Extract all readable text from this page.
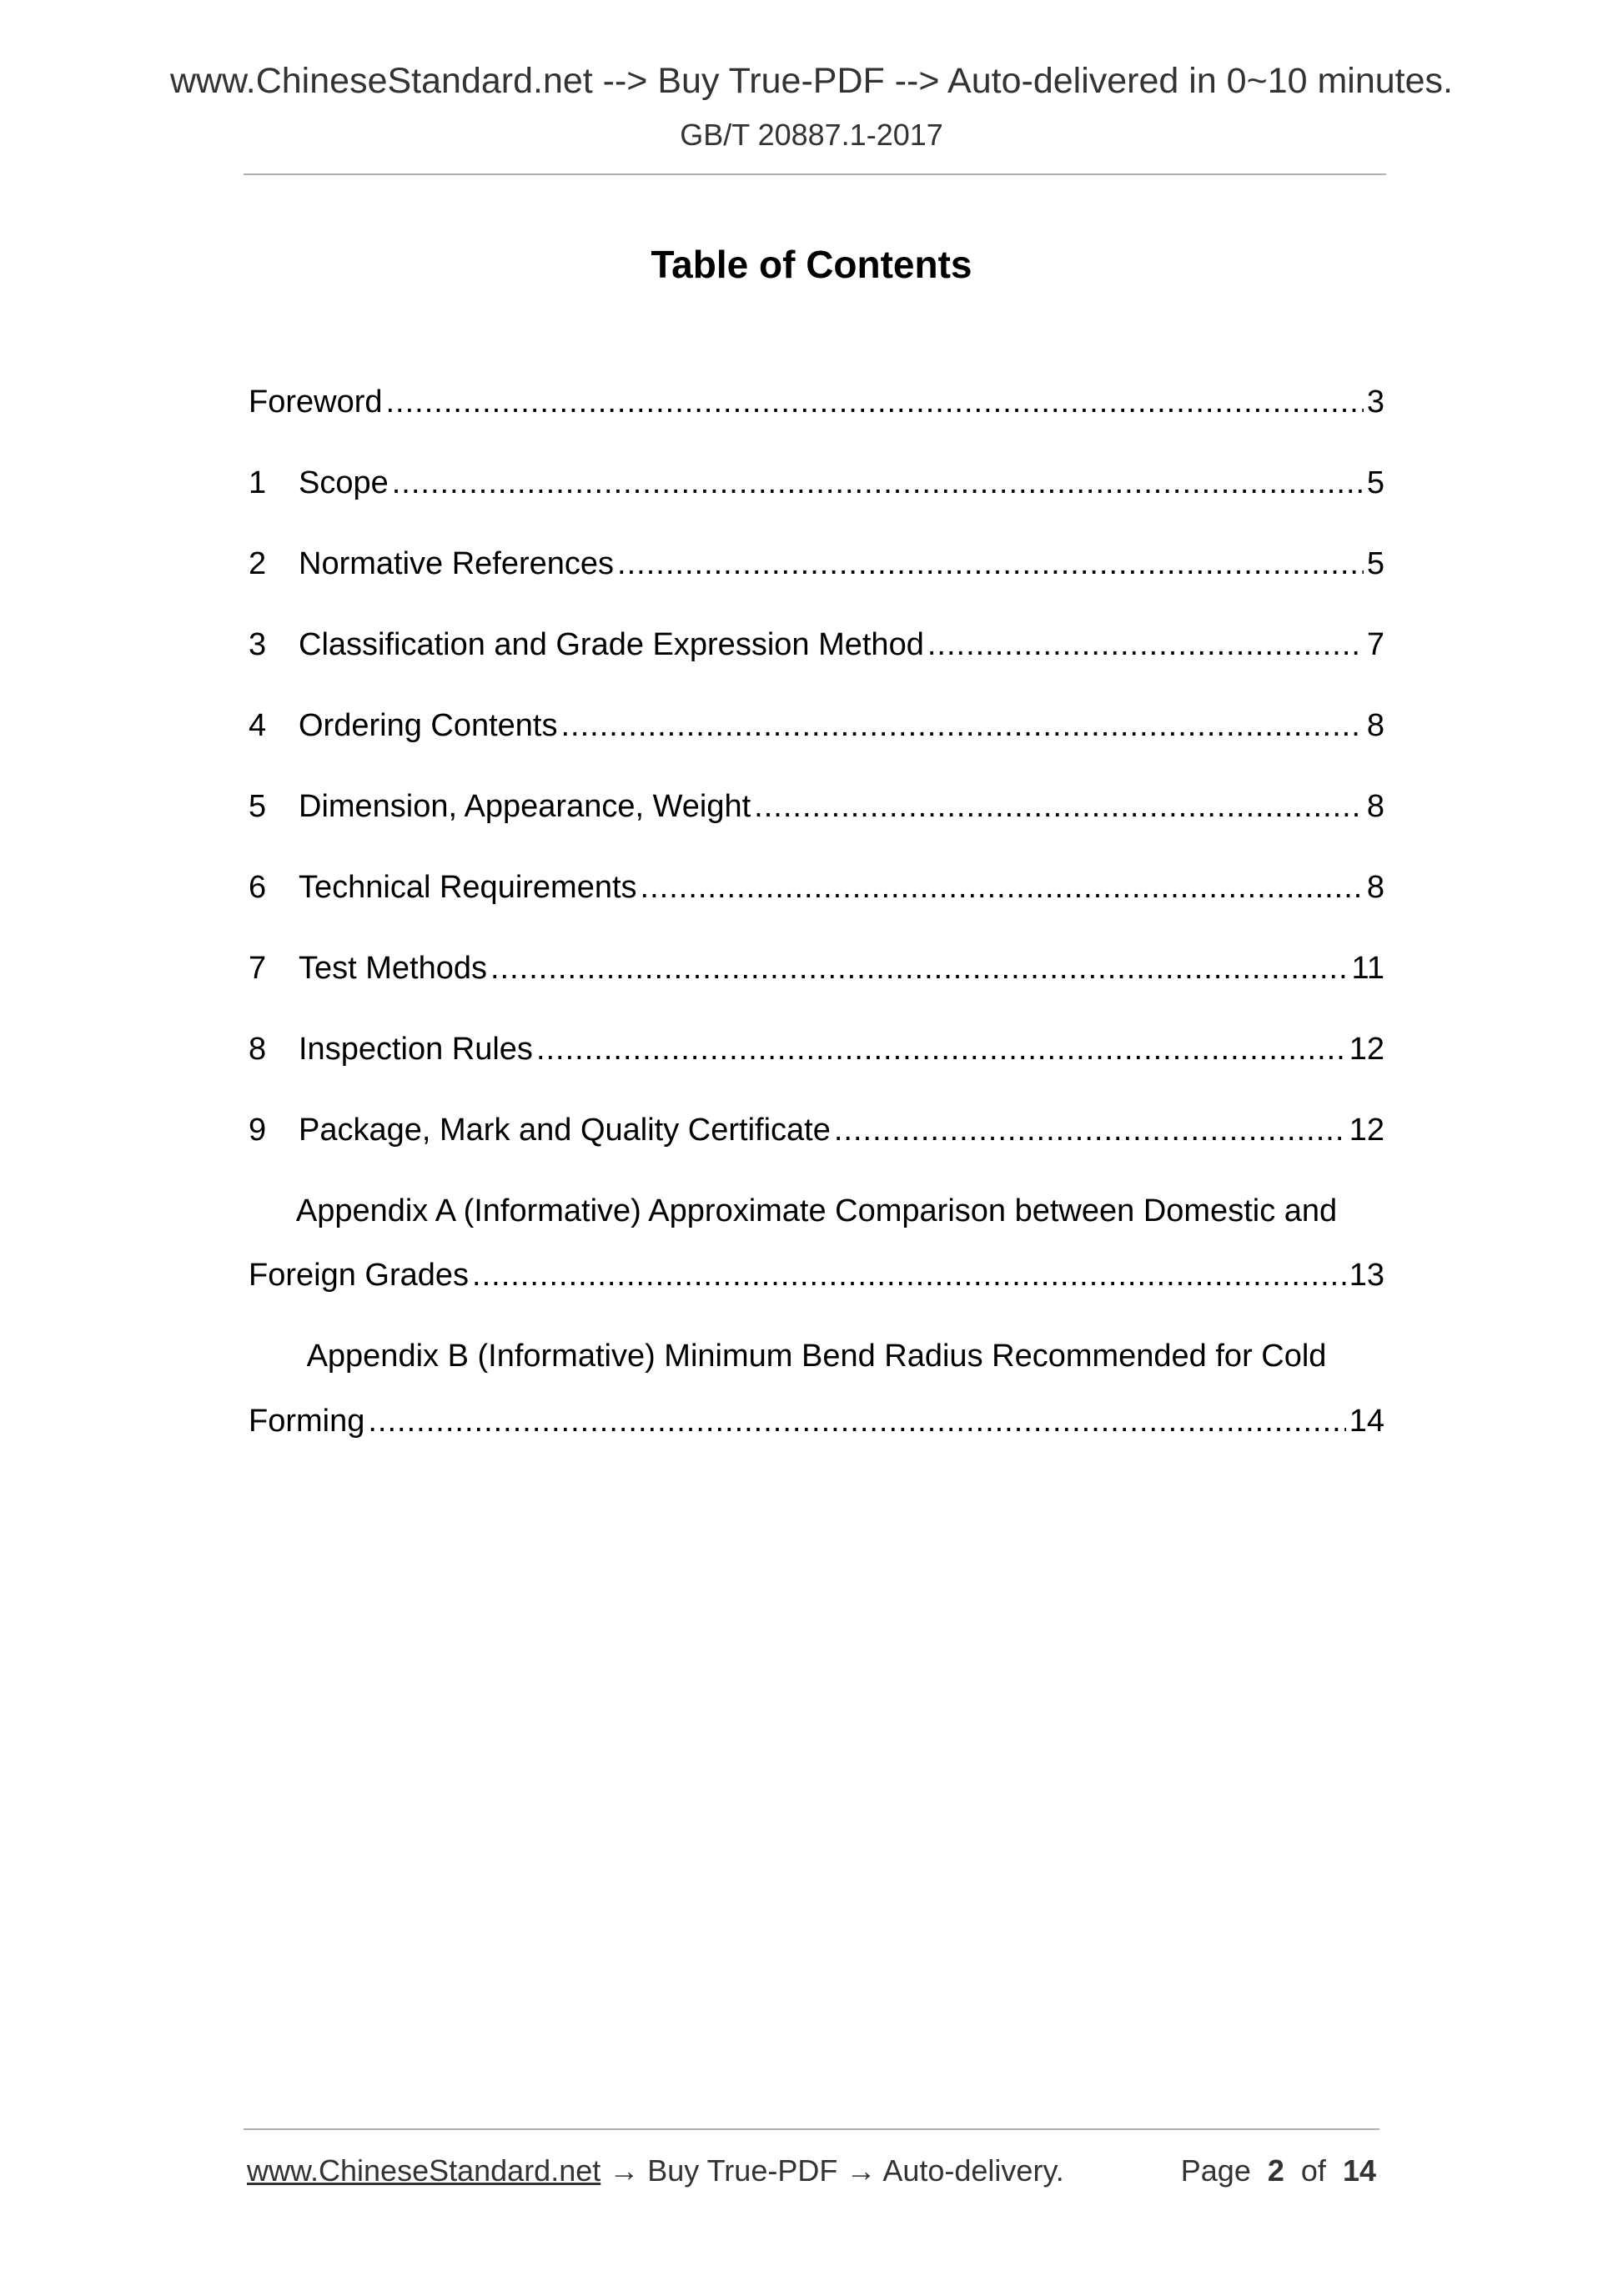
www.ChineseStandard.net --> Buy True-PDF --> Auto-delivered in 0~10 minutes.
GB/T 20887.1-2017
Table of Contents
Foreword .....	3
1	Scope .....	5
2	Normative References .....	5
3	Classification and Grade Expression Method .....	7
4	Ordering Contents .....	8
5	Dimension, Appearance, Weight .....	8
6	Technical Requirements .....	8
7	Test Methods .....	11
8	Inspection Rules .....	12
9	Package, Mark and Quality Certificate .....	12
Appendix A (Informative) Approximate Comparison between Domestic and
Foreign Grades .....	13
Appendix B (Informative) Minimum Bend Radius Recommended for Cold
Forming .....	14
www.ChineseStandard.net → Buy True-PDF → Auto-delivery.	Page 2 of 14
